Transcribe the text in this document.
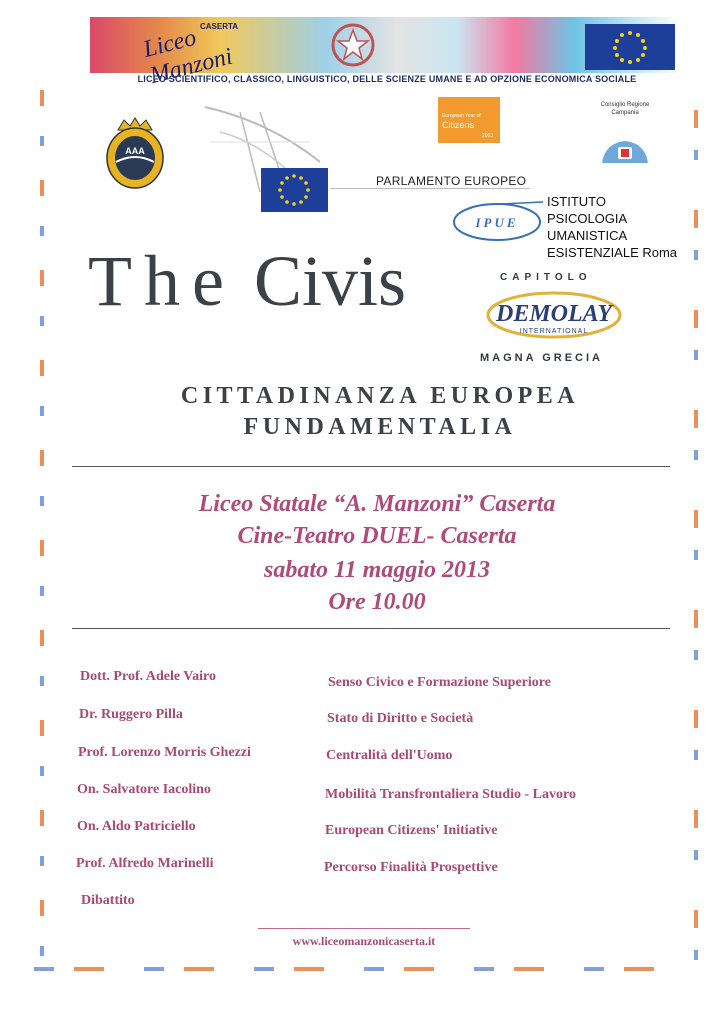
Liceo Manzoni
CASERTA
LICEO SCIENTIFICO, CLASSICO, LINGUISTICO, DELLE SCIENZE UMANE E AD OPZIONE ECONOMICA SOCIALE
AAA
PARLAMENTO EUROPEO
European Year of
Citizens
2013
Consiglio Regione
Campania
IPUE
ISTITUTO
PSICOLOGIA
UMANISTICA
ESISTENZIALE Roma
The Civis	CAPITOLO
DEMOLAY
INTERNATIONAL
MAGNA GRECIA
CITTADINANZA EUROPEA
FUNDAMENTALIA
Liceo Statale “A. Manzoni” Caserta
Cine-Teatro DUEL- Caserta
sabato 11 maggio 2013
Ore 10.00
Dott. Prof. Adele Vairo	Senso Civico e Formazione Superiore
Dr. Ruggero Pilla	Stato di Diritto e Società
Prof. Lorenzo Morris Ghezzi	Centralità dell'Uomo
On. Salvatore Iacolino	Mobilità Transfrontaliera Studio - Lavoro
On. Aldo Patriciello	European Citizens' Initiative
Prof. Alfredo Marinelli	Percorso Finalità Prospettive
Dibattito
www.liceomanzonicaserta.it
